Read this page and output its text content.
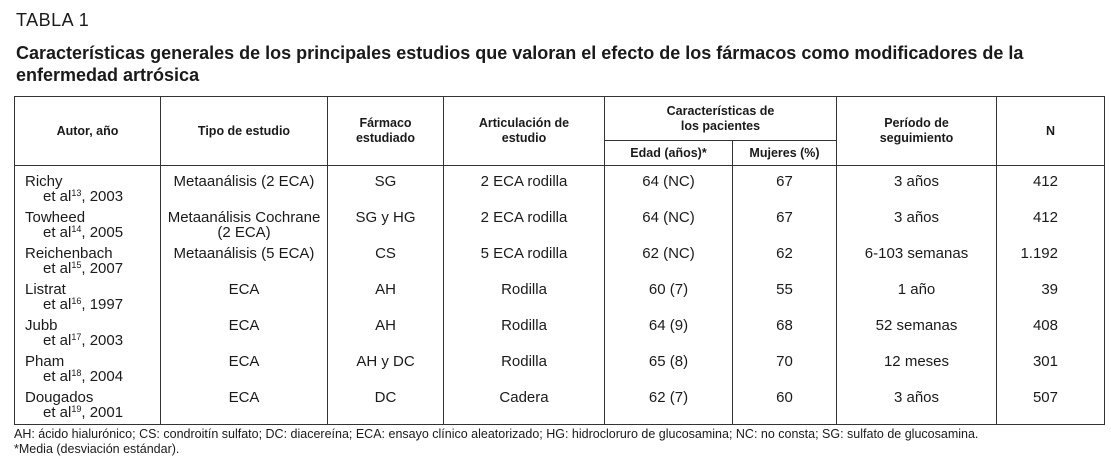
TABLA 1
Características generales de los principales estudios que valoran el efecto de los fármacos como modificadores de la enfermedad artrósica
Autor, año	Tipo de estudio	Fármaco estudiado	Articulación de estudio	Características de los pacientes		Período de seguimiento	N
				Edad (años)*	Mujeres (%)		
Richy
et $al^{13}$, 2003	Metaanálisis (2 ECA)	SG	2 ECA rodilla	64 (NC)	67	3 años	412
Towheed
et $al^{14}$, 2005	Metaanálisis Cochrane (2 ECA)	SG y HG	2 ECA rodilla	64 (NC)	67	3 años	412
Reichenbach
et $al^{15}$, 2007	Metaanálisis (5 ECA)	CS	5 ECA rodilla	62 (NC)	62	6-103 semanas	1.192
Listrat
et $al^{16}$, 1997	ECA	AH	Rodilla	60 (7)	55	1 año	39
Jubb
et $al^{17}$, 2003	ECA	AH	Rodilla	64 (9)	68	52 semanas	408
Pham
et $al^{18}$, 2004	ECA	AH y DC	Rodilla	65 (8)	70	12 meses	301
Dougados
et $al^{19}$, 2001	ECA	DC	Cadera	62 (7)	60	3 años	507
AH: ácido hialurónico; CS: condroitín sulfato; DC: diacereína; ECA: ensayo clínico aleatorizado; HG: hidrocloruro de glucosamina; NC: no consta; SG: sulfato de glucosamina.
*Media (desviación estándar).
